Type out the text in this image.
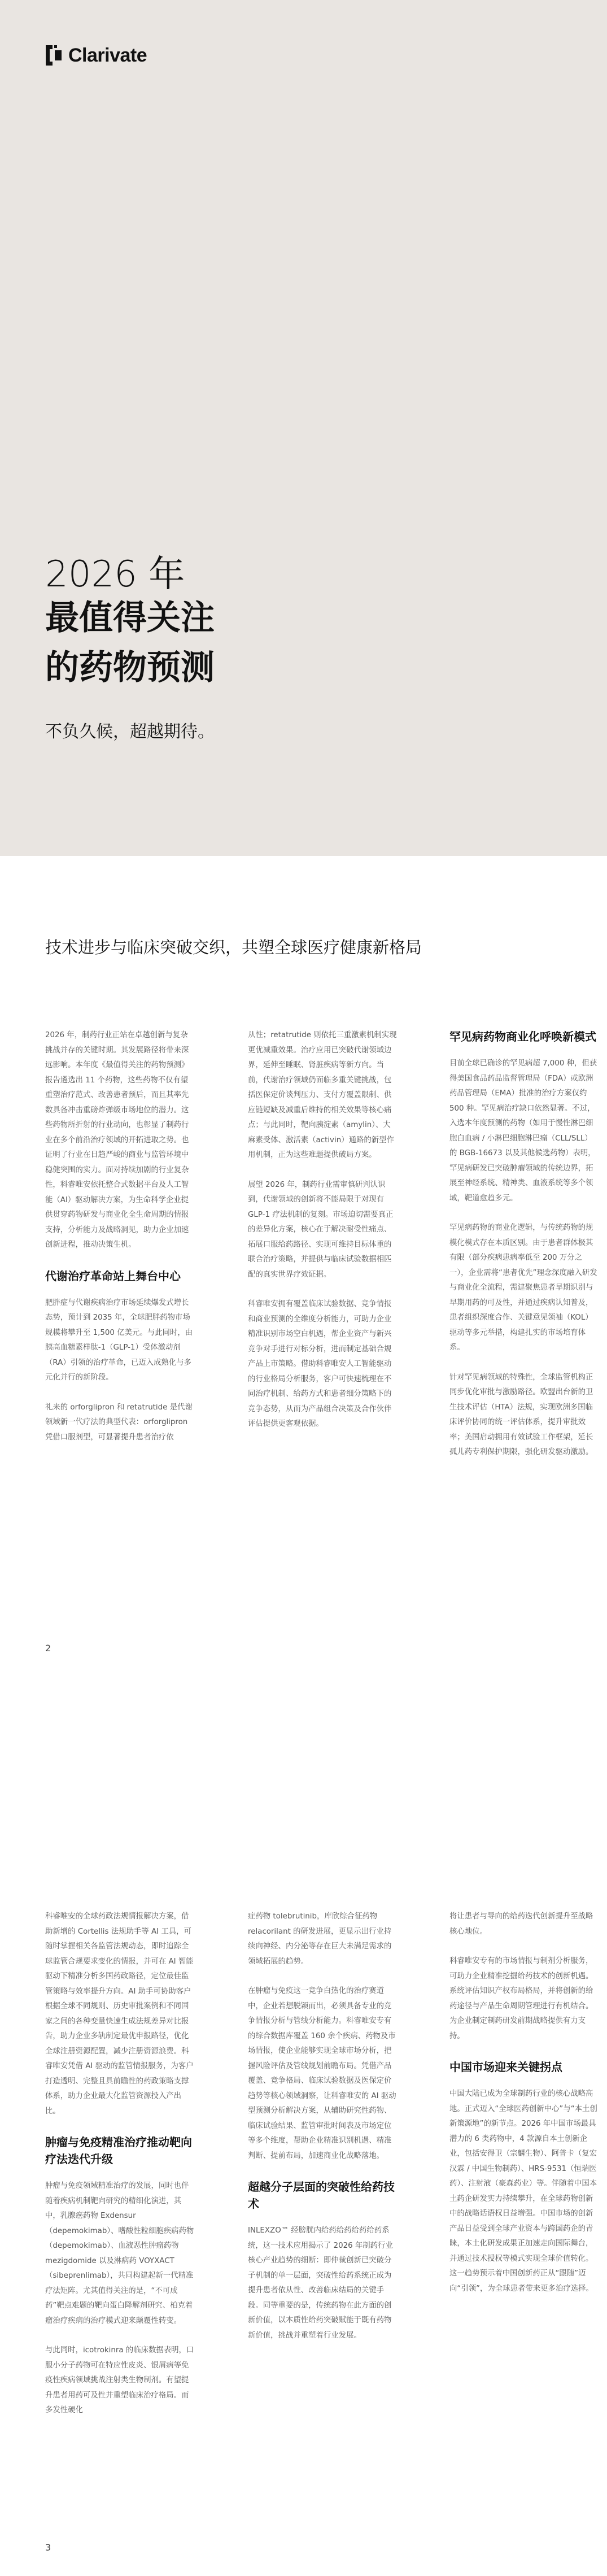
Clarivate
2026 年
最值得关注
的药物预测
不负久候，超越期待。
技术进步与临床突破交织，共塑全球医疗健康新格局

2026 年，制药行业正站在卓越创新与复杂挑战并存的关键时期。其发展路径将带来深远影响。本年度《最值得关注的药物预测》报告遴选出 11 个药物，这些药物不仅有望重塑治疗范式、改善患者预后，而且其率先数具备冲击重磅炸弹级市场地位的潜力。这些药物所折射的行业动向，也彰显了制药行业在多个前沿治疗领域的开拓进取之势。也证明了行业在日趋严峻的商业与监管环境中稳健突围的实力。面对持续加剧的行业复杂性，科睿唯安依托整合式数据平台及人工智能（AI）驱动解决方案，为生命科学企业提供贯穿药物研发与商业化全生命周期的情报支持，分析能力及战略洞见，助力企业加速创新进程，推动决策生机。

代谢治疗革命站上舞台中心

肥胖症与代谢疾病治疗市场延续爆发式增长态势，预计到 2035 年，全球肥胖药物市场规模将攀升至 1,500 亿美元。与此同时，由胰高血糖素样肽-1（GLP-1）受体激动剂（RA）引领的治疗革命，已迈入成熟化与多元化并行的新阶段。

礼来的 orforglipron 和 retatrutide 是代谢领域新一代疗法的典型代表：orforglipron 凭借口服剂型，可显著提升患者治疗依

从性；retatrutide 则依托三重激素机制实现更优减重效果。治疗应用已突破代谢领域边界，延伸至睡眠、肾脏疾病等新方向。当前，代谢治疗领域仍面临多重关键挑战，包括医保定价谈判压力、支付方覆盖限制、供应链短缺及减重后维持的相关效果等核心痛点；与此同时，靶向胰淀素（amylin）、大麻素受体、激活素（activin）通路的新型作用机制，正为这些难题提供破局方案。

展望 2026 年，制药行业需审慎研判认识到，代谢领域的创新将不能局限于对现有 GLP-1 疗法机制的复刻。市场迫切需要真正的差异化方案，核心在于解决耐受性痛点、拓展口服给药路径、实现可维持目标体重的联合治疗策略，并提供与临床试验数据相匹配的真实世界疗效证据。

科睿唯安拥有覆盖临床试验数据、竞争情报和商业预测的全维度分析能力，可助力企业精准识别市场空白机遇，帮企业资产与新兴竞争对手进行对标分析，进而制定基础合规产品上市策略。借助科睿唯安人工智能驱动的行业格局分析服务，客户可快速梳理在不同治疗机制、给药方式和患者细分策略下的竞争态势，从而为产品组合决策及合作伙伴评估提供更客观依据。

罕见病药物商业化呼唤新模式

目前全球已确诊的罕见病超 7,000 种，但获得美国食品药品监督管理局（FDA）或欧洲药品管理局（EMA）批准的治疗方案仅约 500 种。罕见病治疗缺口依然显著。不过，入选本年度预测的药物（如用于慢性淋巴细胞白血病 / 小淋巴细胞淋巴瘤（CLL/SLL）的 BGB-16673 以及其他候选药物）表明，罕见病研发已突破肿瘤领域的传统边界，拓展至神经系统、精神类、血液系统等多个领域，靶道愈趋多元。

罕见病药物的商业化逻辑，与传统药物的规模化模式存在本质区别。由于患者群体极其有限（部分疾病患病率低至 200 万分之一），企业需将“患者优先”理念深度融入研发与商业化全流程，需建聚焦患者早期识别与早期用药的可及性，并通过疾病认知普及，患者组织深度合作、关键意见领袖（KOL）驱动等多元举措，构建扎实的市场培育体系。

针对罕见病领域的特殊性，全球监管机构正同步优化审批与激励路径。欧盟出台新的卫生技术评估（HTA）法规，实现欧洲多国临床评价协同的统一评估体系，提升审批效率；美国启动拥用有效试验工作框架，延长孤儿药专利保护期限，强化研发驱动激励。

2

科睿唯安的全球药政法规情报解决方案，借助新增的 Cortellis 法规助手等 AI 工具，可随时掌握相关各监管法规动态，即时追踪全球监管合规要求变化的情报，并可在 AI 智能驱动下精准分析多国药政路径，定位最佳监管策略与效率提升方向。AI 助手可协助客户根据全球不同规则、历史审批案例和不同国家之间的各种变量快速生成法规差异对比报告，助力企业多轨制定最优申报路径，优化全球注册资源配置，减少注册资源浪费。科睿唯安凭借 AI 驱动的监管情报服务，为客户打造透明、完整且具前瞻性的药政策略支撑体系，助力企业最大化监管资源投入产出比。

肿瘤与免疫精准治疗推动靶向疗法迭代升级

肿瘤与免疫领域精准治疗的发展，同时也伴随着疾病机制靶向研究的精细化演进，其中，乳腺癌药物 Exdensur（depemokimab）、嗜酸性粒细胞疾病药物（depemokimab）、血液恶性肿瘤药物 mezigdomide 以及淋病药 VOYXACT（sibeprenlimab），共同构建起新一代精准疗法矩阵。尤其值得关注的是，“不可成药”靶点难题的靶向蛋白降解剂研究、柏克着瘤治疗疾病的治疗模式迎来颠覆性转变。

与此同时，icotrokinra 的临床数据表明，口服小分子药物可在特应性皮炎、银屑病等免疫性疾病领域挑战注射类生物制剂。有望提升患者用药可及性并重塑临床治疗格局。而多发性硬化

症药物 tolebrutinib，库欣综合征药物 relacorilant 的研发进展，更显示出行业持续向神经、内分泌等存在巨大未满足需求的领域拓展的趋势。

在肿瘤与免疫这一竞争白热化的治疗赛道中，企业若想脱颖而出，必须具备专业的竞争情报分析与管线分析能力。科睿唯安专有的综合数据库覆盖 160 余个疾病、药物及市场情报，使企业能够实现全球市场分析，把握风险评估及管线规划前瞻布局。凭借产品覆盖、竞争格局、临床试验数据及医保定价趋势等核心领域洞察，让科睿唯安的 AI 驱动型预测分析解决方案，从辅助研究性药物、临床试验结果、监管审批时间表及市场定位等多个维度，帮助企业精准识别机遇、精准判断、提前布局，加速商业化战略落地。

超越分子层面的突破性给药技术

INLEXZO™ 经膀胱内给药给药给药给药系统，这一技术应用揭示了 2026 年制药行业核心产业趋势的细断：即仲裁创新已突破分子机制的单一层面，突破性给药系统正成为提升患者依从性、改善临床结局的关键手段。同等重要的是，传统药物在此方面的创新价值，以本质性给药突破赋能于既有药物新价值，挑战并重塑着行业发展。

将让患者与导向的给药迭代创新提升至战略核心地位。

科睿唯安专有的市场情报与制剂分析服务，可助力企业精准挖掘给药技术的创新机遇。系统评估知识产权布局格局，并将创新的给药途径与产品生命周期管理进行有机结合。为企业制定制药研发前期战略提供有力支持。

中国市场迎来关键拐点

中国大陆已成为全球制药行业的核心战略高地。正式迈入“全球医药创新中心”与“本土创新策源地”的新节点。2026 年中国市场最具潜力的 6 类药物中，4 款源自本土创新企业，包括安得卫（宗麟生物）、阿普卡（复宏汉霖 / 中国生物制药）、HRS-9531（恒瑞医药）、注射液（豪森药业）等。伴随着中国本土药企研发实力持续攀升，在全球药物创新中的战略话语权日益增强。中国市场的创新产品日益受到全球产业资本与跨国药企的青睐，本土化研发成果正加速走向国际舞台，并通过技术授权等模式实现全球价值转化。这一趋势预示着中国创新药正从“跟随”迈向“引领”，为全球患者带来更多治疗选择。

3
